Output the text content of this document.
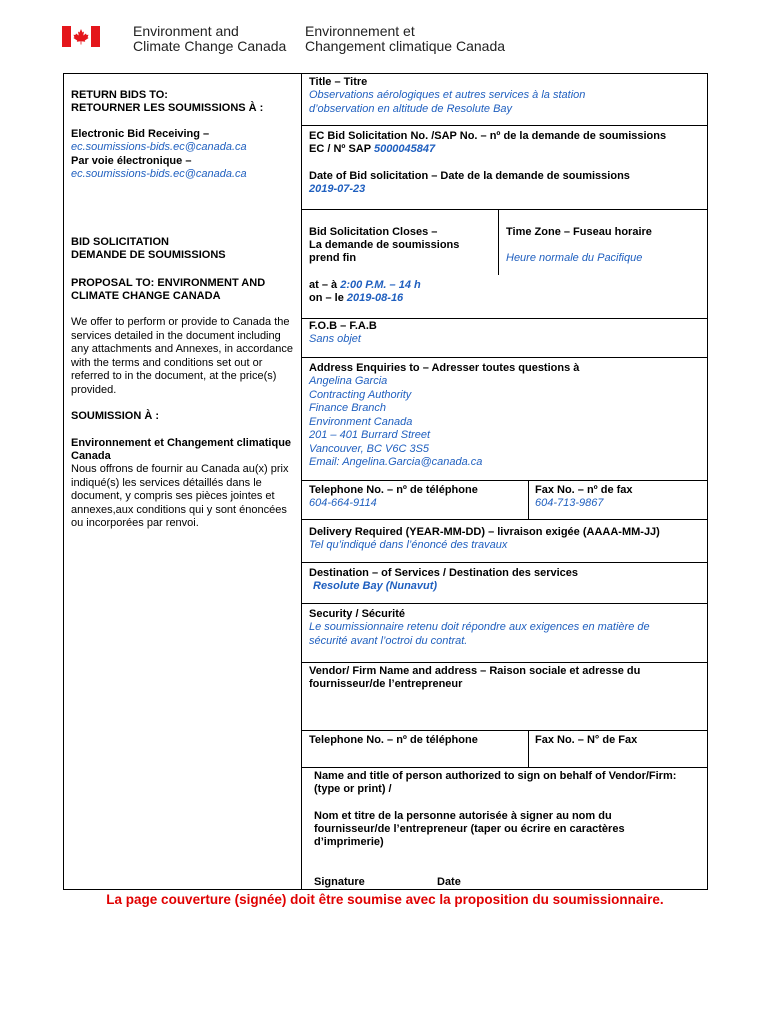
Environment and
Climate Change Canada
Environnement et
Changement climatique Canada
RETURN BIDS TO:
RETOURNER LES SOUMISSIONS À :
Electronic Bid Receiving –
ec.soumissions-bids.ec@canada.ca
Par voie électronique –
ec.soumissions-bids.ec@canada.ca
BID SOLICITATION
DEMANDE DE SOUMISSIONS
PROPOSAL TO: ENVIRONMENT AND
CLIMATE CHANGE CANADA
We offer to perform or provide to Canada the
services detailed in the document including
any attachments and Annexes, in accordance
with the terms and conditions set out or
referred to in the document, at the price(s)
provided.
SOUMISSION À :
Environnement et Changement climatique
Canada
Nous offrons de fournir au Canada au(x) prix
indiqué(s) les services détaillés dans le
document, y compris ses pièces jointes et
annexes,aux conditions qui y sont énoncées
ou incorporées par renvoi.
Title – Titre
Observations aérologiques et autres services à la station
d’observation en altitude de Resolute Bay
EC Bid Solicitation No. /SAP No. – nº de la demande de soumissions
EC / Nº SAP 5000045847
Date of Bid solicitation – Date de la demande de soumissions
2019-07-23
Bid Solicitation Closes –
La demande de soumissions
prend fin
Time Zone – Fuseau horaire
Heure normale du Pacifique
at – à 2:00 P.M. – 14 h
on – le 2019-08-16
F.O.B – F.A.B
Sans objet
Address Enquiries to – Adresser toutes questions à
Angelina Garcia
Contracting Authority
Finance Branch
Environment Canada
201 – 401 Burrard Street
Vancouver, BC V6C 3S5
Email: Angelina.Garcia@canada.ca
Telephone No. – nº de téléphone
604-664-9114
Fax No. – nº de fax
604-713-9867
Delivery Required (YEAR-MM-DD) – livraison exigée (AAAA-MM-JJ)
Tel qu’indiqué dans l’énoncé des travaux
Destination – of Services / Destination des services
Resolute Bay (Nunavut)
Security / Sécurité
Le soumissionnaire retenu doit répondre aux exigences en matière de
sécurité avant l’octroi du contrat.
Vendor/ Firm Name and address – Raison sociale et adresse du
fournisseur/de l’entrepreneur
Telephone No. – nº de téléphone	Fax No. – N° de Fax
Name and title of person authorized to sign on behalf of Vendor/Firm:
(type or print) /
Nom et titre de la personne autorisée à signer au nom du
fournisseur/de l’entrepreneur (taper ou écrire en caractères
d’imprimerie)
Signature	Date
La page couverture (signée) doit être soumise avec la proposition du soumissionnaire.
